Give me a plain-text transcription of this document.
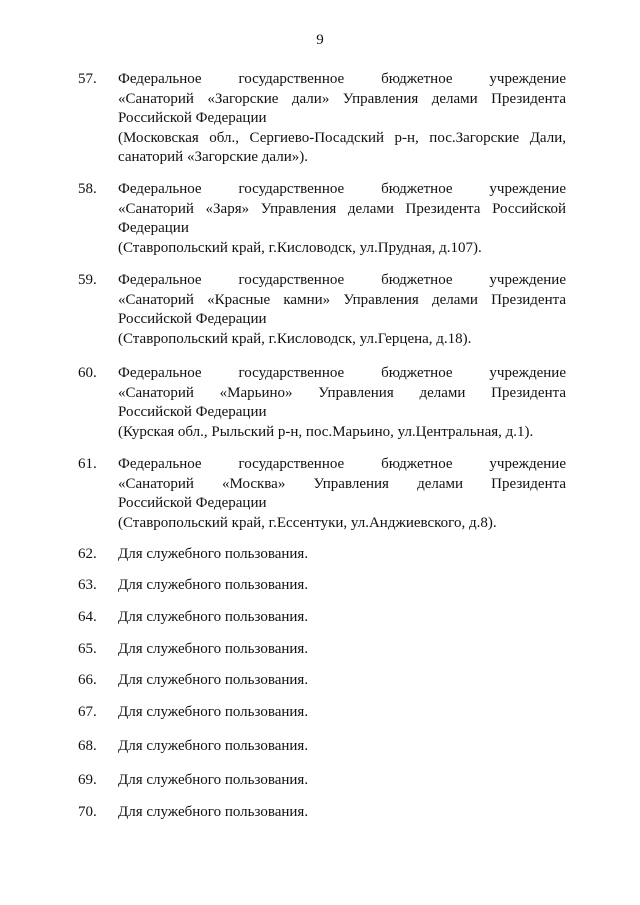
9
57.	Федеральное государственное бюджетное учреждение
«Санаторий «Загорские дали» Управления делами Президента
Российской Федерации
(Московская обл., Сергиево-Посадский р-н, пос.Загорские Дали,
санаторий «Загорские дали»).
58.	Федеральное государственное бюджетное учреждение
«Санаторий «Заря» Управления делами Президента Российской
Федерации
(Ставропольский край, г.Кисловодск, ул.Прудная, д.107).
59.	Федеральное государственное бюджетное учреждение
«Санаторий «Красные камни» Управления делами Президента
Российской Федерации
(Ставропольский край, г.Кисловодск, ул.Герцена, д.18).
60.	Федеральное государственное бюджетное учреждение
«Санаторий «Марьино» Управления делами Президента
Российской Федерации
(Курская обл., Рыльский р-н, пос.Марьино, ул.Центральная, д.1).
61.	Федеральное государственное бюджетное учреждение
«Санаторий «Москва» Управления делами Президента
Российской Федерации
(Ставропольский край, г.Ессентуки, ул.Анджиевского, д.8).
62.	Для служебного пользования.
63.	Для служебного пользования.
64.	Для служебного пользования.
65.	Для служебного пользования.
66.	Для служебного пользования.
67.	Для служебного пользования.
68.	Для служебного пользования.
69.	Для служебного пользования.
70.	Для служебного пользования.
